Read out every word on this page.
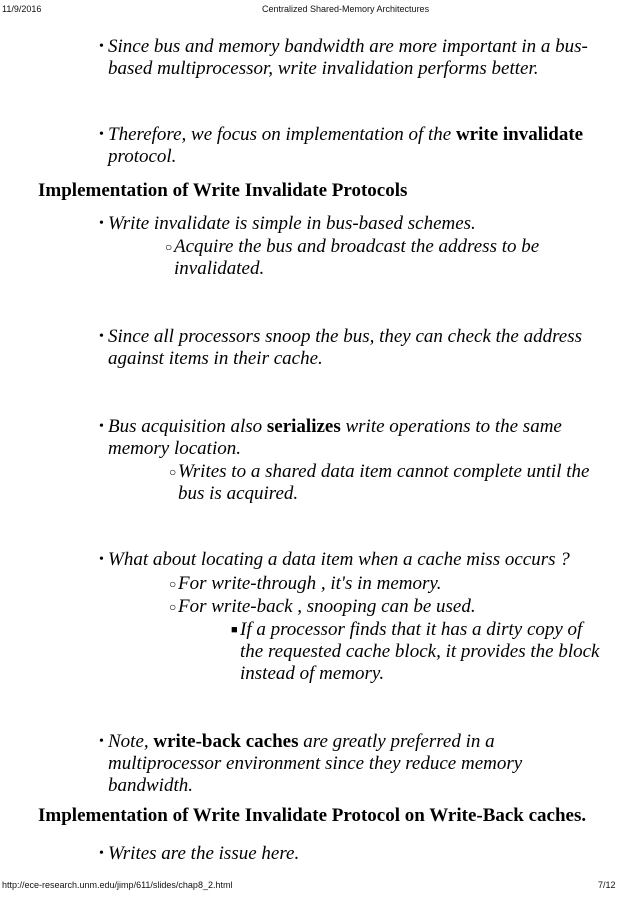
11/9/2016	Centralized Shared-Memory Architectures
• Since bus and memory bandwidth are more important in a bus-based multiprocessor, write invalidation performs better.
• Therefore, we focus on implementation of the write invalidate protocol.
Implementation of Write Invalidate Protocols
• Write invalidate is simple in bus-based schemes.
○ Acquire the bus and broadcast the address to be invalidated.
• Since all processors snoop the bus, they can check the address against items in their cache.
• Bus acquisition also serializes write operations to the same memory location.
○ Writes to a shared data item cannot complete until the bus is acquired.
• What about locating a data item when a cache miss occurs ?
○ For write-through , it's in memory.
○ For write-back , snooping can be used.
■ If a processor finds that it has a dirty copy of the requested cache block, it provides the block instead of memory.
• Note, write-back caches are greatly preferred in a multiprocessor environment since they reduce memory bandwidth.
Implementation of Write Invalidate Protocol on Write-Back caches.
• Writes are the issue here.
http://ece-research.unm.edu/jimp/611/slides/chap8_2.html	7/12
